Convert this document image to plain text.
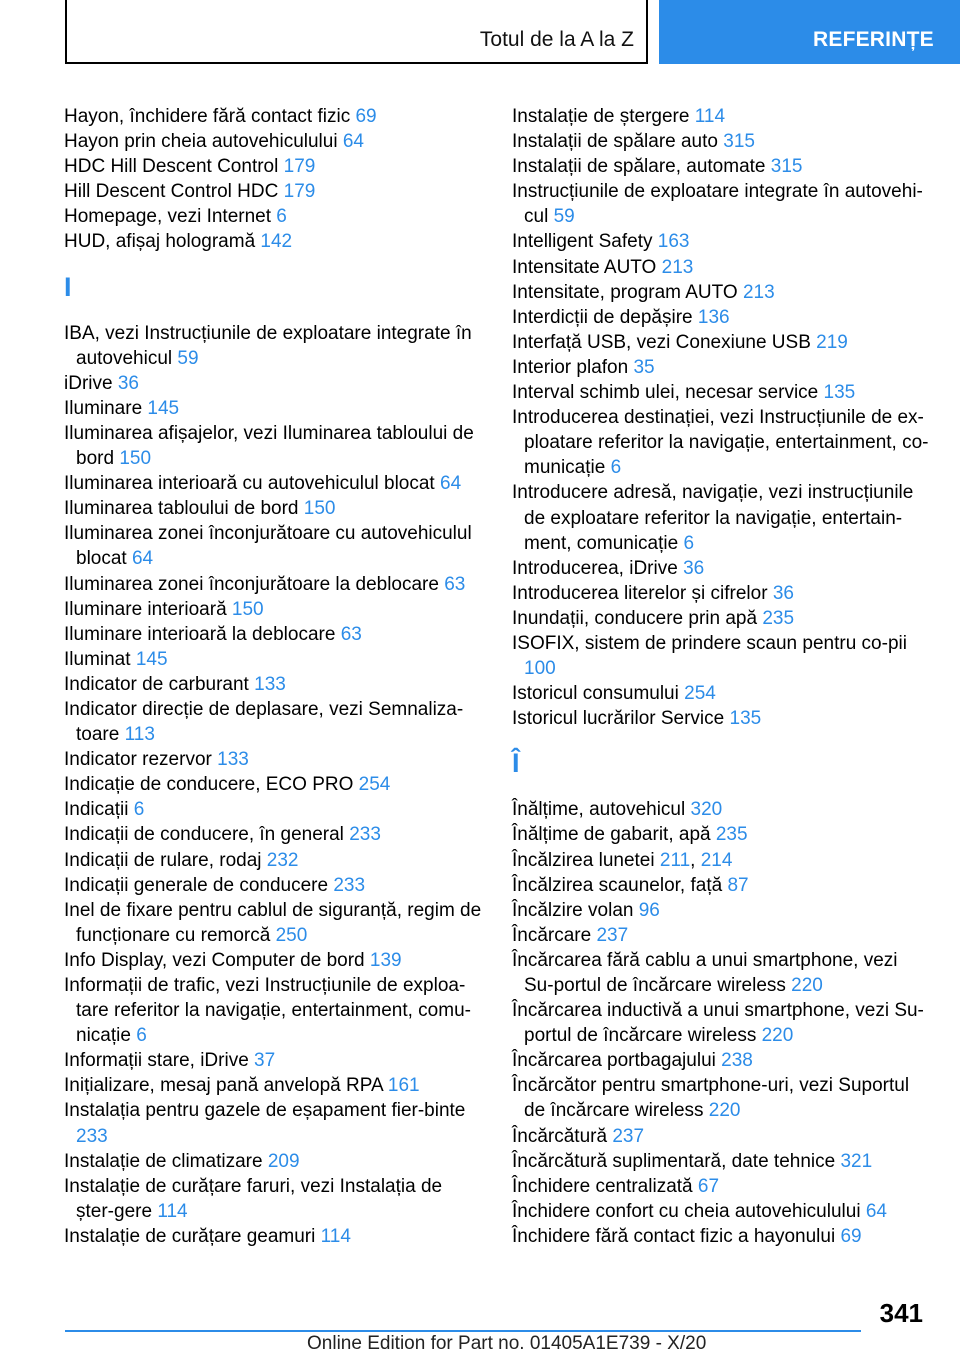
Totul de la A la Z	REFERINȚE
Hayon, închidere fără contact fizic 69
Hayon prin cheia autovehiculului 64
HDC Hill Descent Control 179
Hill Descent Control HDC 179
Homepage, vezi Internet 6
HUD, afișaj hologramă 142
I
IBA, vezi Instrucțiunile de exploatare integrate în autovehicul 59
iDrive 36
Iluminare 145
Iluminarea afișajelor, vezi Iluminarea tabloului de bord 150
Iluminarea interioară cu autovehiculul blocat 64
Iluminarea tabloului de bord 150
Iluminarea zonei înconjurătoare cu autovehiculul blocat 64
Iluminarea zonei înconjurătoare la deblocare 63
Iluminare interioară 150
Iluminare interioară la deblocare 63
Iluminat 145
Indicator de carburant 133
Indicator direcție de deplasare, vezi Semnaliza‐toare 113
Indicator rezervor 133
Indicație de conducere, ECO PRO 254
Indicații 6
Indicații de conducere, în general 233
Indicații de rulare, rodaj 232
Indicații generale de conducere 233
Inel de fixare pentru cablul de siguranță, regim de funcționare cu remorcă 250
Info Display, vezi Computer de bord 139
Informații de trafic, vezi Instrucțiunile de exploa‐tare referitor la navigație, entertainment, comu‐nicație 6
Informații stare, iDrive 37
Inițializare, mesaj pană anvelopă RPA 161
Instalația pentru gazele de eșapament fier‐binte 233
Instalație de climatizare 209
Instalație de curățare faruri, vezi Instalația de șter‐gere 114
Instalație de curățare geamuri 114
Instalație de ștergere 114
Instalații de spălare auto 315
Instalații de spălare, automate 315
Instrucțiunile de exploatare integrate în autovehi‐cul 59
Intelligent Safety 163
Intensitate AUTO 213
Intensitate, program AUTO 213
Interdicții de depășire 136
Interfață USB, vezi Conexiune USB 219
Interior plafon 35
Interval schimb ulei, necesar service 135
Introducerea destinației, vezi Instrucțiunile de ex‐ploatare referitor la navigație, entertainment, co‐municație 6
Introducere adresă, navigație, vezi instrucțiunile de exploatare referitor la navigație, entertain‐ment, comunicație 6
Introducerea, iDrive 36
Introducerea literelor și cifrelor 36
Inundații, conducere prin apă 235
ISOFIX, sistem de prindere scaun pentru co‐pii 100
Istoricul consumului 254
Istoricul lucrărilor Service 135
Î
Înălțime, autovehicul 320
Înălțime de gabarit, apă 235
Încălzirea lunetei 211, 214
Încălzirea scaunelor, față 87
Încălzire volan 96
Încărcare 237
Încărcarea fără cablu a unui smartphone, vezi Su‐portul de încărcare wireless 220
Încărcarea inductivă a unui smartphone, vezi Su‐portul de încărcare wireless 220
Încărcarea portbagajului 238
Încărcător pentru smartphone-uri, vezi Suportul de încărcare wireless 220
Încărcătură 237
Încărcătură suplimentară, date tehnice 321
Închidere centralizată 67
Închidere confort cu cheia autovehiculului 64
Închidere fără contact fizic a hayonului 69
341
Online Edition for Part no. 01405A1E739 - X/20
